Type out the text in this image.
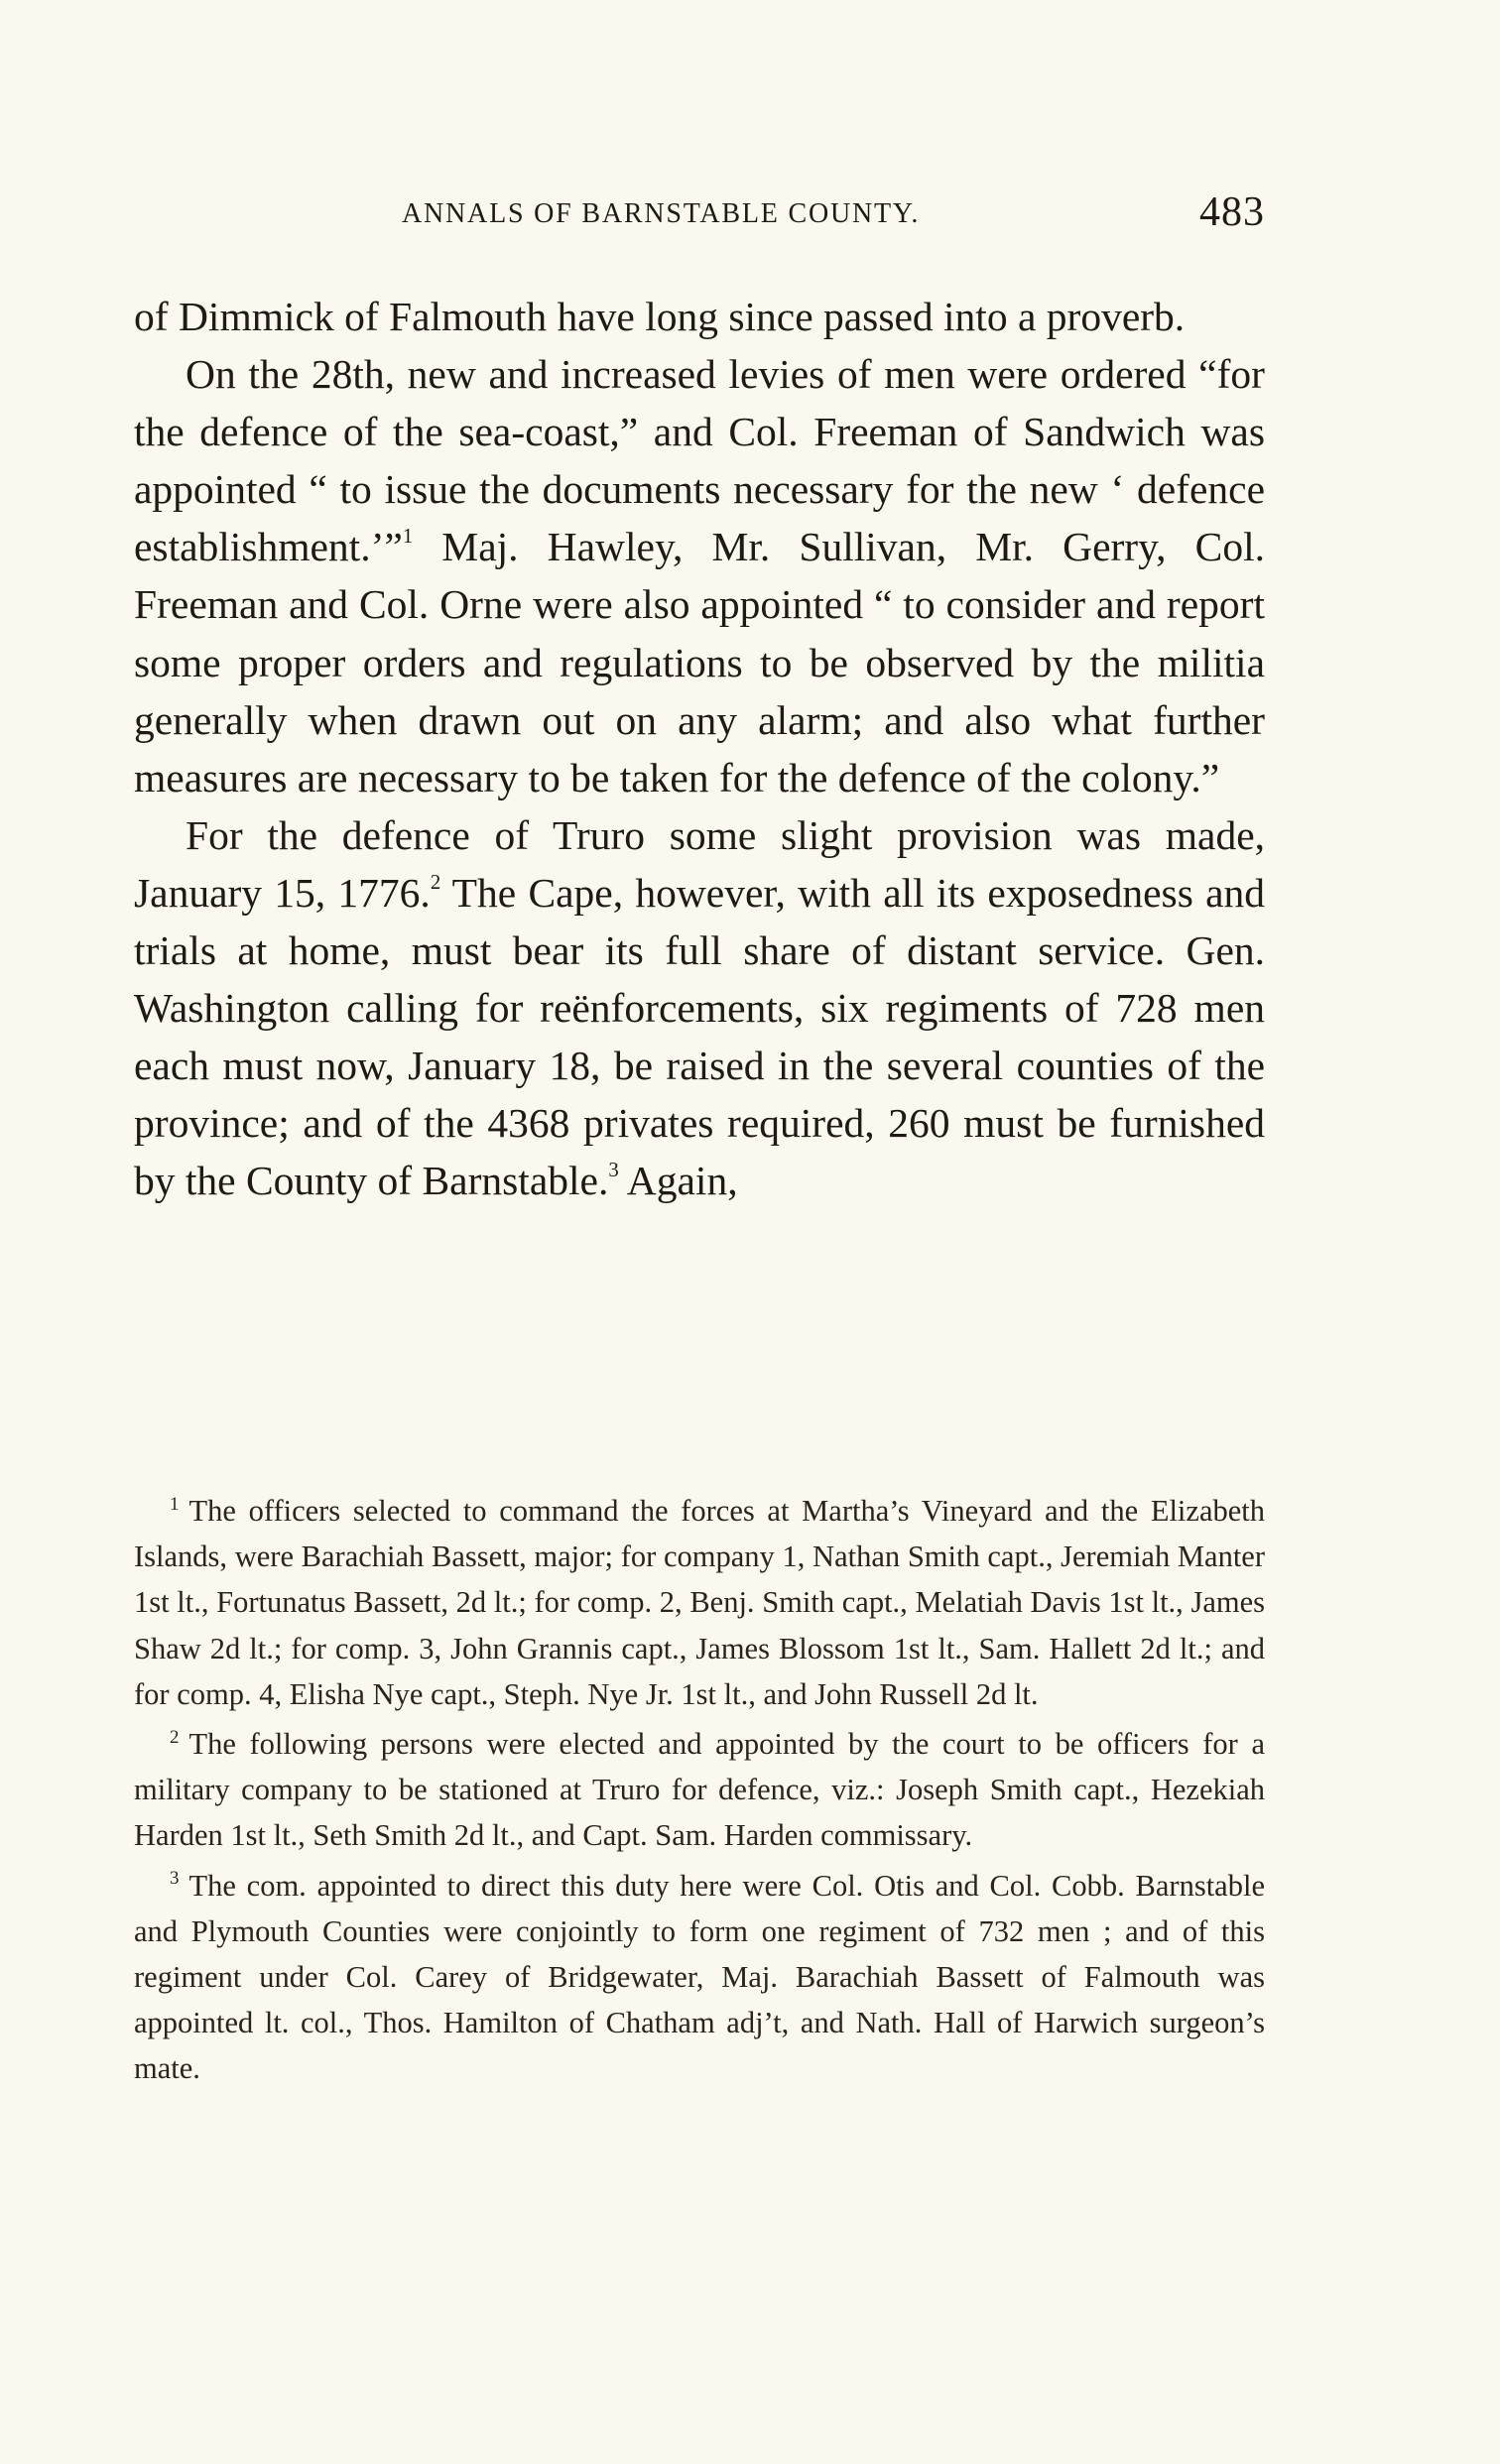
ANNALS OF BARNSTABLE COUNTY.	483

of Dimmick of Falmouth have long since passed into a proverb.

On the 28th, new and increased levies of men were ordered “for the defence of the sea-coast,” and Col. Freeman of Sandwich was appointed “ to issue the documents necessary for the new ‘ defence establishment.’”$^1$ Maj. Hawley, Mr. Sullivan, Mr. Gerry, Col. Freeman and Col. Orne were also appointed “ to consider and report some proper orders and regulations to be observed by the militia generally when drawn out on any alarm; and also what further measures are necessary to be taken for the defence of the colony.”

For the defence of Truro some slight provision was made, January 15, 1776.$^2$ The Cape, however, with all its exposedness and trials at home, must bear its full share of distant service. Gen. Washington calling for reënforcements, six regiments of 728 men each must now, January 18, be raised in the several counties of the province; and of the 4368 privates required, 260 must be furnished by the County of Barnstable.$^3$ Again,

$^1$ The officers selected to command the forces at Martha’s Vineyard and the Elizabeth Islands, were Barachiah Bassett, major; for company 1, Nathan Smith capt., Jeremiah Manter 1st lt., Fortunatus Bassett, 2d lt.; for comp. 2, Benj. Smith capt., Melatiah Davis 1st lt., James Shaw 2d lt.; for comp. 3, John Grannis capt., James Blossom 1st lt., Sam. Hallett 2d lt.; and for comp. 4, Elisha Nye capt., Steph. Nye Jr. 1st lt., and John Russell 2d lt.

$^2$ The following persons were elected and appointed by the court to be officers for a military company to be stationed at Truro for defence, viz.: Joseph Smith capt., Hezekiah Harden 1st lt., Seth Smith 2d lt., and Capt. Sam. Harden commissary.

$^3$ The com. appointed to direct this duty here were Col. Otis and Col. Cobb. Barnstable and Plymouth Counties were conjointly to form one regiment of 732 men ; and of this regiment under Col. Carey of Bridgewater, Maj. Barachiah Bassett of Falmouth was appointed lt. col., Thos. Hamilton of Chatham adj’t, and Nath. Hall of Harwich surgeon’s mate.
